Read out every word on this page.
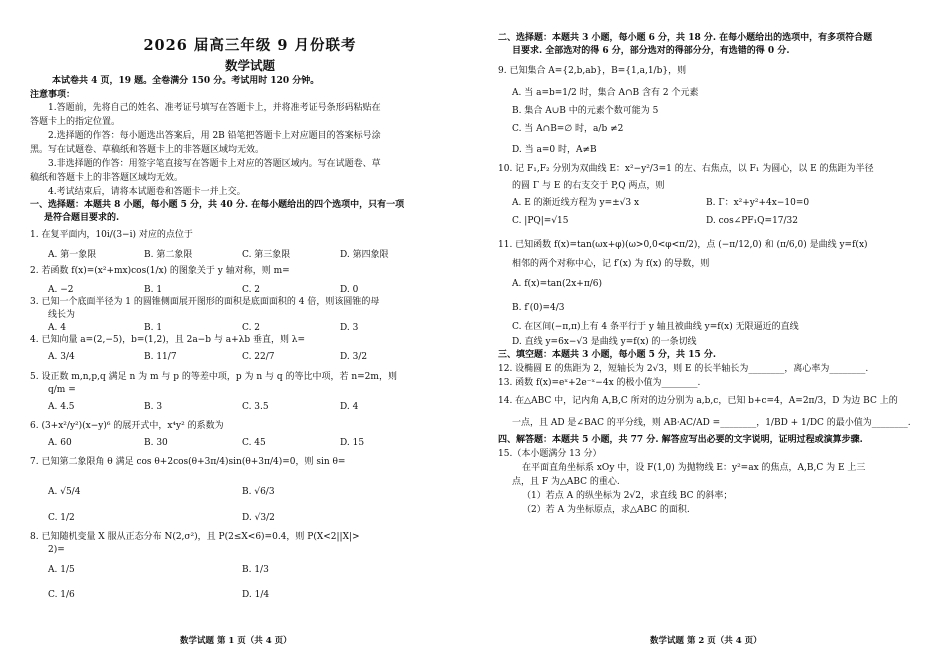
2026 届高三年级 9 月份联考
数学试题
本试卷共 4 页，19 题。全卷满分 150 分。考试用时 120 分钟。
注意事项：
1.答题前，先将自己的姓名、准考证号填写在答题卡上，并将准考证号条形码粘贴在
答题卡上的指定位置。
2.选择题的作答：每小题选出答案后，用 2B 铅笔把答题卡上对应题目的答案标号涂
黑。写在试题卷、草稿纸和答题卡上的非答题区域均无效。
3.非选择题的作答：用签字笔直接写在答题卡上对应的答题区域内。写在试题卷、草
稿纸和答题卡上的非答题区域均无效。
4.考试结束后，请将本试题卷和答题卡一并上交。
一、选择题：本题共 8 小题，每小题 5 分，共 40 分. 在每小题给出的四个选项中，只有一项
是符合题目要求的.
1. 在复平面内，10i/(3−i) 对应的点位于
A. 第一象限	B. 第二象限	C. 第三象限	D. 第四象限
2. 若函数 f(x)=(x²+mx)cos(1/x) 的图象关于 y 轴对称，则 m=
A. −2	B. 1	C. 2	D. 0
3. 已知一个底面半径为 1 的圆锥侧面展开图形的面积是底面面积的 4 倍，则该圆锥的母
线长为
A. 4	B. 1	C. 2	D. 3
4. 已知向量 a=(2,−5)，b=(1,2)，且 2a−b 与 a+λb 垂直，则 λ=
A. 3/4	B. 11/7	C. 22/7	D. 3/2
5. 设正数 m,n,p,q 满足 n 为 m 与 p 的等差中项，p 为 n 与 q 的等比中项，若 n=2m，则
q/m =
A. 4.5	B. 3	C. 3.5	D. 4
6. (3+x²/y²)(x−y)⁶ 的展开式中，x⁴y² 的系数为
A. 60	B. 30	C. 45	D. 15
7. 已知第二象限角 θ 满足 cos θ+2cos(θ+3π/4)sin(θ+3π/4)=0，则 sin θ=
A. √5/4	B. √6/3
C. 1/2	D. √3/2
8. 已知随机变量 X 服从正态分布 N(2,σ²)，且 P(2≤X<6)=0.4，则 P(X<2||X|>
2)=
A. 1/5	B. 1/3
C. 1/6	D. 1/4
数学试题 第 1 页（共 4 页）
二、选择题：本题共 3 小题，每小题 6 分，共 18 分. 在每小题给出的选项中，有多项符合题
目要求. 全部选对的得 6 分，部分选对的得部分分，有选错的得 0 分.
9. 已知集合 A={2,b,ab}，B={1,a,1/b}，则
A. 当 a=b=1/2 时，集合 A∩B 含有 2 个元素
B. 集合 A∪B 中的元素个数可能为 5
C. 当 A∩B=∅ 时，a/b ≠2
D. 当 a=0 时，A≠B
10. 记 F₁,F₂ 分别为双曲线 E：x²−y²/3=1 的左、右焦点，以 F₁ 为圆心，以 E 的焦距为半径
的圆 Γ 与 E 的右支交于 P,Q 两点，则
A. E 的渐近线方程为 y=±√3 x	B. Γ：x²+y²+4x−10=0
C. |PQ|=√15	D. cos∠PF₁Q=17/32
11. 已知函数 f(x)=tan(ωx+φ)(ω>0,0<φ<π/2)，点 (−π/12,0) 和 (π/6,0) 是曲线 y=f(x)
相邻的两个对称中心，记 f′(x) 为 f(x) 的导数，则
A. f(x)=tan(2x+π/6)
B. f′(0)=4/3
C. 在区间(−π,π)上有 4 条平行于 y 轴且被曲线 y=f(x) 无限逼近的直线
D. 直线 y=6x−√3 是曲线 y=f(x) 的一条切线
三、填空题：本题共 3 小题，每小题 5 分，共 15 分.
12. 设椭圆 E 的焦距为 2，短轴长为 2√3，则 E 的长半轴长为________，离心率为________.
13. 函数 f(x)=eˣ+2e⁻ˣ−4x 的极小值为________.
14. 在△ABC 中，记内角 A,B,C 所对的边分别为 a,b,c，已知 b+c=4，A=2π/3，D 为边 BC 上的
一点，且 AD 是∠BAC 的平分线，则 AB·AC/AD =________，1/BD + 1/DC 的最小值为________.
四、解答题：本题共 5 小题，共 77 分. 解答应写出必要的文字说明，证明过程或演算步骤.
15.（本小题满分 13 分）
在平面直角坐标系 xOy 中，设 F(1,0) 为抛物线 E：y²=ax 的焦点，A,B,C 为 E 上三
点，且 F 为△ABC 的重心.
（1）若点 A 的纵坐标为 2√2，求直线 BC 的斜率；
（2）若 A 为坐标原点，求△ABC 的面积.
数学试题 第 2 页（共 4 页）
